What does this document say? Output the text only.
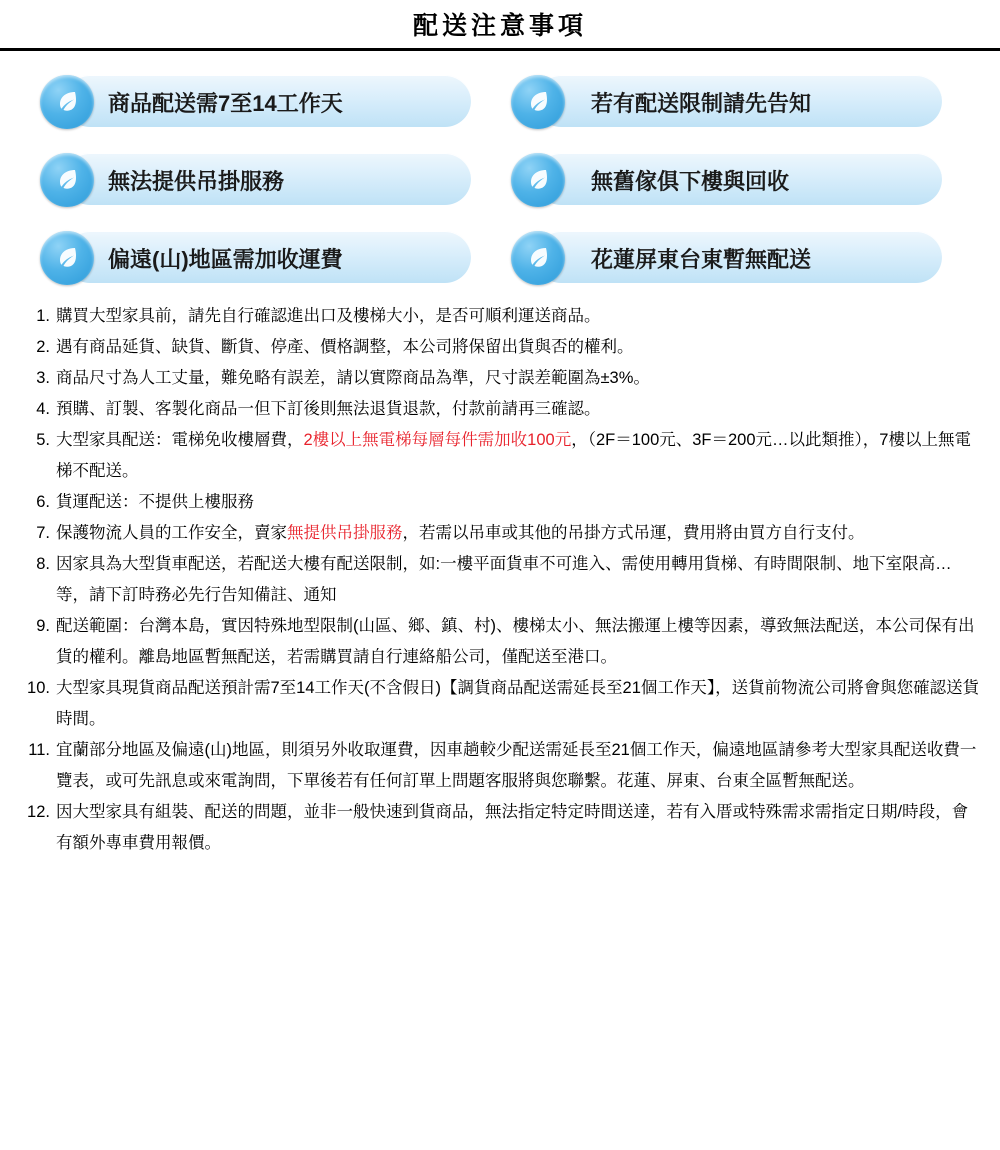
配送注意事項
商品配送需7至14工作天	若有配送限制請先告知
無法提供吊掛服務	無舊傢俱下樓與回收
偏遠(山)地區需加收運費	花蓮屏東台東暫無配送
購買大型家具前，請先自行確認進出口及樓梯大小，是否可順利運送商品。
遇有商品延貨、缺貨、斷貨、停產、價格調整，本公司將保留出貨與否的權利。
商品尺寸為人工丈量，難免略有誤差，請以實際商品為準，尺寸誤差範圍為±3%。
預購、訂製、客製化商品一但下訂後則無法退貨退款，付款前請再三確認。
大型家具配送：電梯免收樓層費，2樓以上無電梯每層每件需加收100元，（2F＝100元、3F＝200元…以此類推），7樓以上無電梯不配送。
貨運配送：不提供上樓服務
保護物流人員的工作安全，賣家無提供吊掛服務，若需以吊車或其他的吊掛方式吊運，費用將由買方自行支付。
因家具為大型貨車配送，若配送大樓有配送限制，如:一樓平面貨車不可進入、需使用轉用貨梯、有時間限制、地下室限高…等，請下訂時務必先行告知備註、通知
配送範圍：台灣本島，實因特殊地型限制(山區、鄉、鎮、村)、樓梯太小、無法搬運上樓等因素，導致無法配送，本公司保有出貨的權利。離島地區暫無配送，若需購買請自行連絡船公司，僅配送至港口。
大型家具現貨商品配送預計需7至14工作天(不含假日)【調貨商品配送需延長至21個工作天】，送貨前物流公司將會與您確認送貨時間。
宜蘭部分地區及偏遠(山)地區，則須另外收取運費，因車趟較少配送需延長至21個工作天，偏遠地區請參考大型家具配送收費一覽表，或可先訊息或來電詢問，下單後若有任何訂單上問題客服將與您聯繫。花蓮、屏東、台東全區暫無配送。
因大型家具有組裝、配送的問題，並非一般快速到貨商品，無法指定特定時間送達，若有入厝或特殊需求需指定日期/時段，會有額外專車費用報價。
